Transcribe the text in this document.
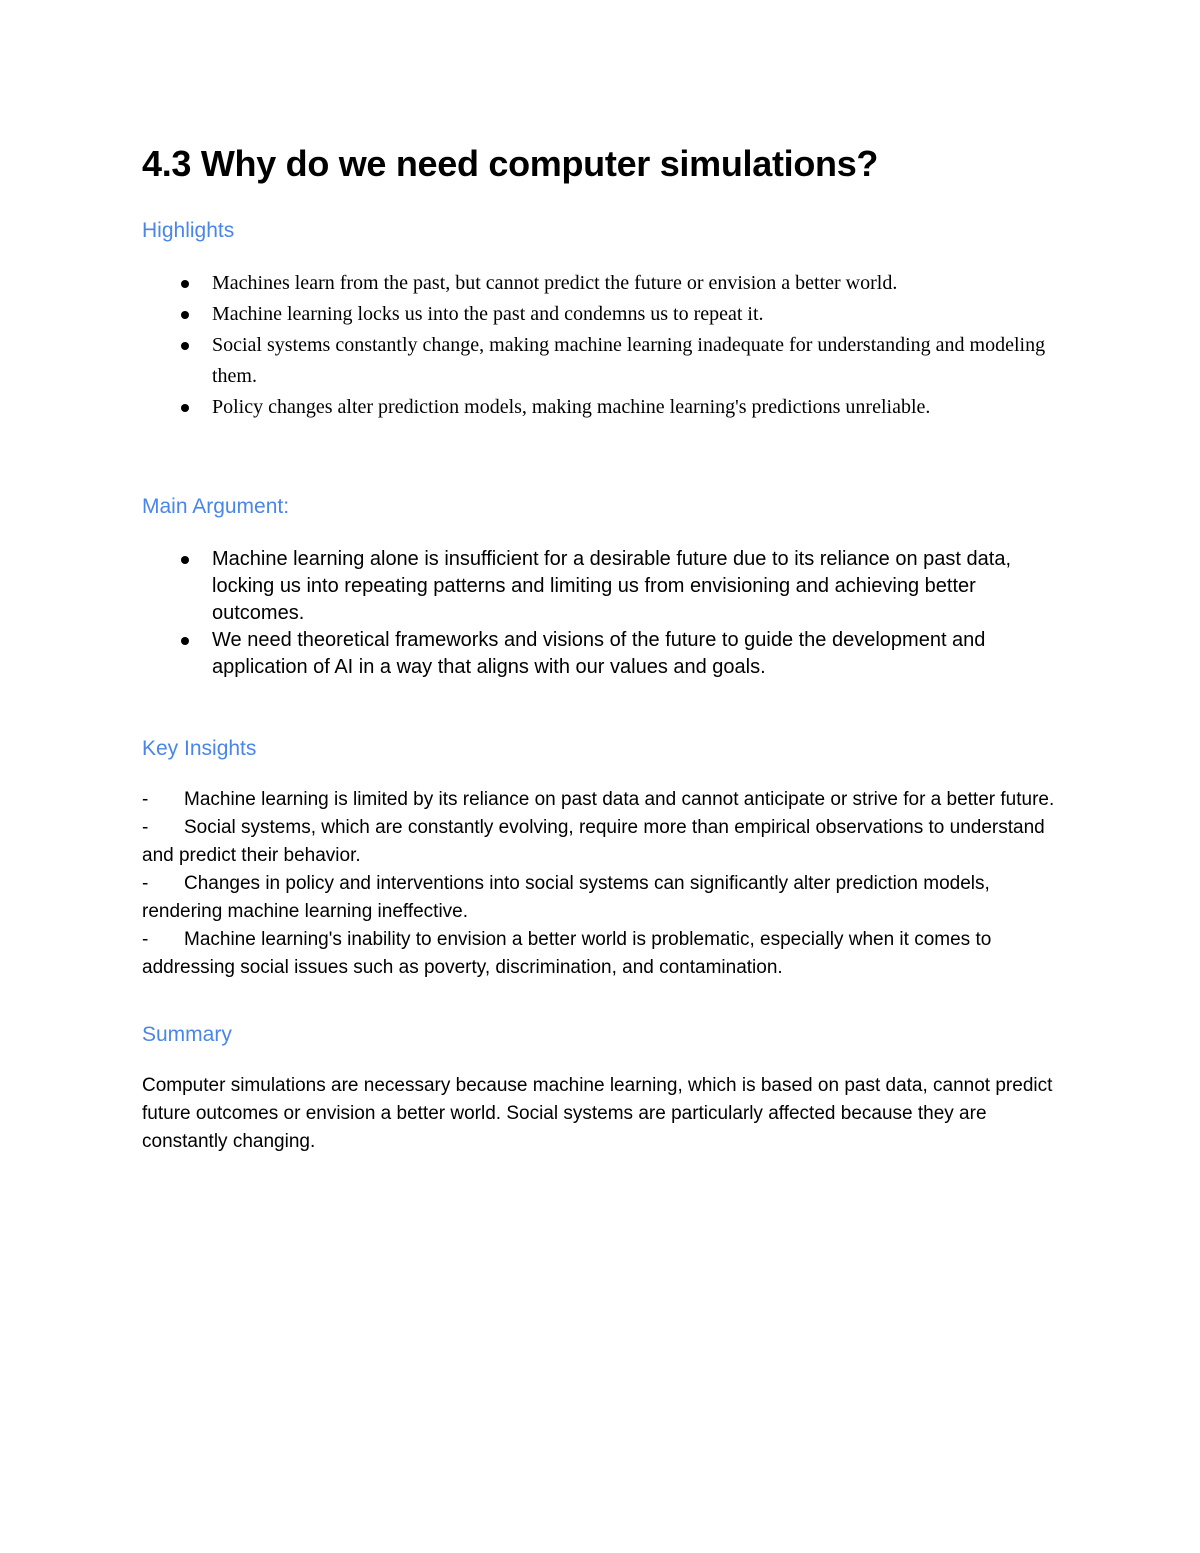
4.3 Why do we need computer simulations?
Highlights
Machines learn from the past, but cannot predict the future or envision a better world.
Machine learning locks us into the past and condemns us to repeat it.
Social systems constantly change, making machine learning inadequate for understanding and modeling them.
Policy changes alter prediction models, making machine learning's predictions unreliable.
Main Argument:
Machine learning alone is insufficient for a desirable future due to its reliance on past data, locking us into repeating patterns and limiting us from envisioning and achieving better outcomes.
We need theoretical frameworks and visions of the future to guide the development and application of AI in a way that aligns with our values and goals.
Key Insights

- Machine learning is limited by its reliance on past data and cannot anticipate or strive for a better future.

- Social systems, which are constantly evolving, require more than empirical observations to understand and predict their behavior.

- Changes in policy and interventions into social systems can significantly alter prediction models, rendering machine learning ineffective.

- Machine learning's inability to envision a better world is problematic, especially when it comes to addressing social issues such as poverty, discrimination, and contamination.

Summary

Computer simulations are necessary because machine learning, which is based on past data, cannot predict future outcomes or envision a better world. Social systems are particularly affected because they are constantly changing.
